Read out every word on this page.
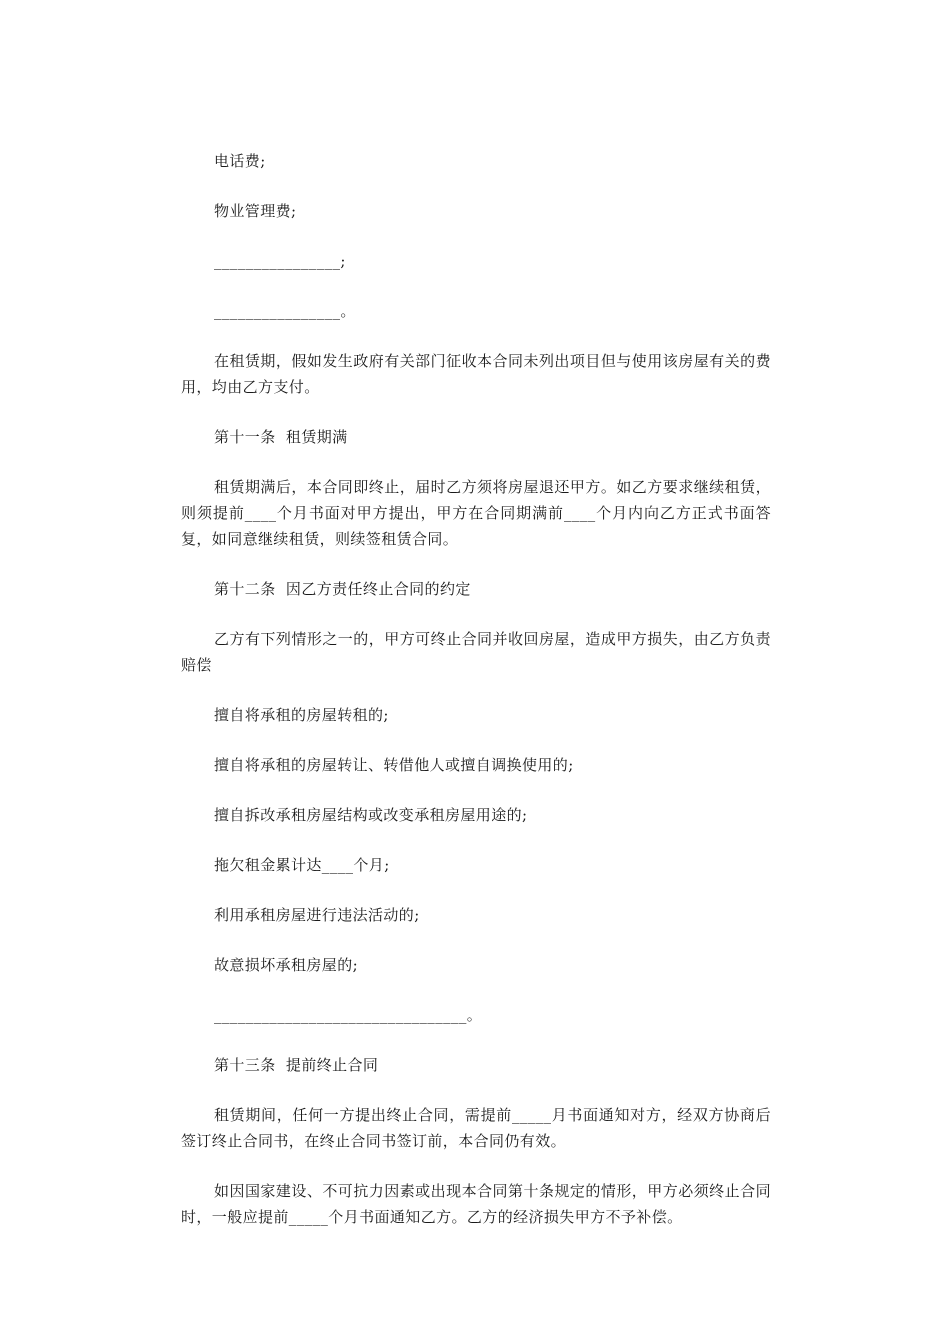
电话费;

物业管理费;

________________;

________________。

在租赁期，假如发生政府有关部门征收本合同未列出项目但与使用该房屋有关的费用，均由乙方支付。

第十一条  租赁期满

租赁期满后，本合同即终止，届时乙方须将房屋退还甲方。如乙方要求继续租赁，则须提前____个月书面对甲方提出，甲方在合同期满前____个月内向乙方正式书面答复，如同意继续租赁，则续签租赁合同。

第十二条  因乙方责任终止合同的约定

乙方有下列情形之一的，甲方可终止合同并收回房屋，造成甲方损失，由乙方负责赔偿

擅自将承租的房屋转租的;

擅自将承租的房屋转让、转借他人或擅自调换使用的;

擅自拆改承租房屋结构或改变承租房屋用途的;

拖欠租金累计达____个月;

利用承租房屋进行违法活动的;

故意损坏承租房屋的;

________________________________。

第十三条  提前终止合同

租赁期间，任何一方提出终止合同，需提前_____月书面通知对方，经双方协商后签订终止合同书，在终止合同书签订前，本合同仍有效。

如因国家建设、不可抗力因素或出现本合同第十条规定的情形，甲方必须终止合同时，一般应提前_____个月书面通知乙方。乙方的经济损失甲方不予补偿。
